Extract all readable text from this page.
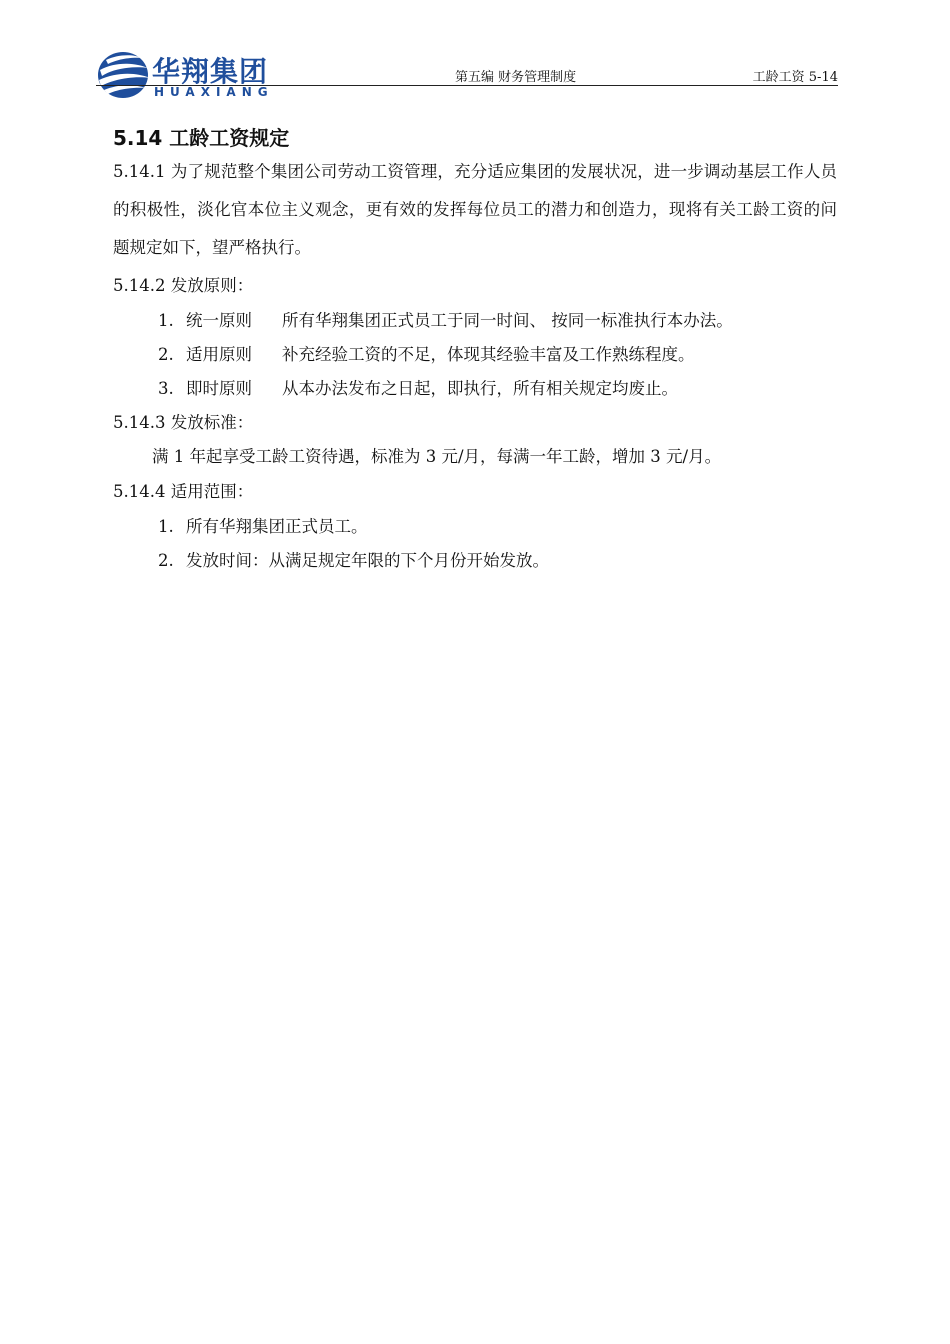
华翔集团
HUAXIANG
第五编 财务管理制度	工龄工资 5-14
5.14 工龄工资规定
5.14.1 为了规范整个集团公司劳动工资管理，充分适应集团的发展状况，进一步调动基层工作人员的积极性，淡化官本位主义观念，更有效的发挥每位员工的潜力和创造力，现将有关工龄工资的问题规定如下，望严格执行。
5.14.2 发放原则：
1. 统一原则 所有华翔集团正式员工于同一时间、 按同一标准执行本办法。
2. 适用原则 补充经验工资的不足，体现其经验丰富及工作熟练程度。
3. 即时原则 从本办法发布之日起，即执行，所有相关规定均废止。
5.14.3 发放标准：
满 1 年起享受工龄工资待遇，标准为 3 元/月，每满一年工龄，增加 3 元/月。
5.14.4 适用范围：
1. 所有华翔集团正式员工。
2. 发放时间：从满足规定年限的下个月份开始发放。
